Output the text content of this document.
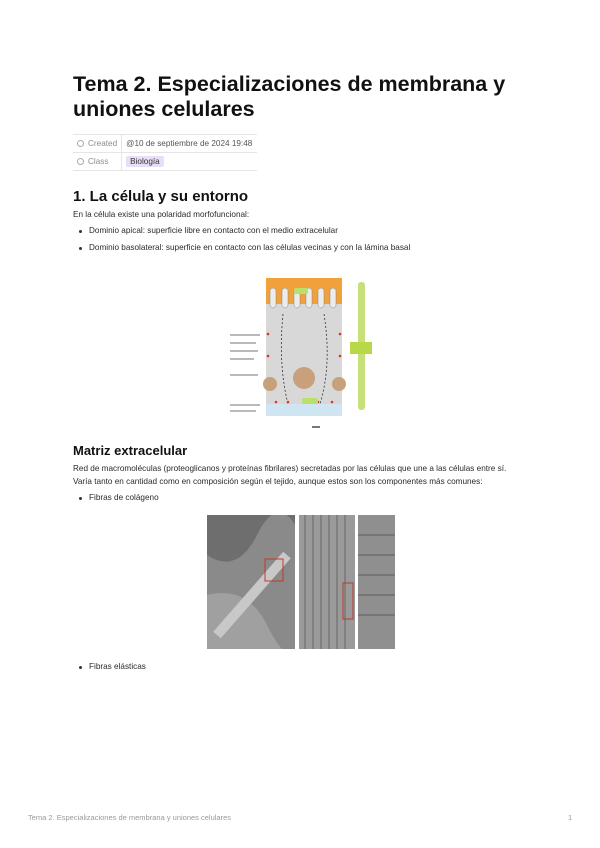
Tema 2. Especializaciones de membrana y uniones celulares
Created	@10 de septiembre de 2024 19:48
Class	Biología
1. La célula y su entorno

En la célula existe una polaridad morfofuncional:

Dominio apical: superficie libre en contacto con el medio extracelular
Dominio basolateral: superficie en contacto con las células vecinas y con la lámina basal
Matriz extracelular

Red de macromoléculas (proteoglicanos y proteínas fibrilares) secretadas por las células que une a las células entre sí.

Varía tanto en cantidad como en composición según el tejido, aunque estos son los componentes más comunes:

Fibras de colágeno
Fibras elásticas
Tema 2. Especializaciones de membrana y uniones celulares	1
